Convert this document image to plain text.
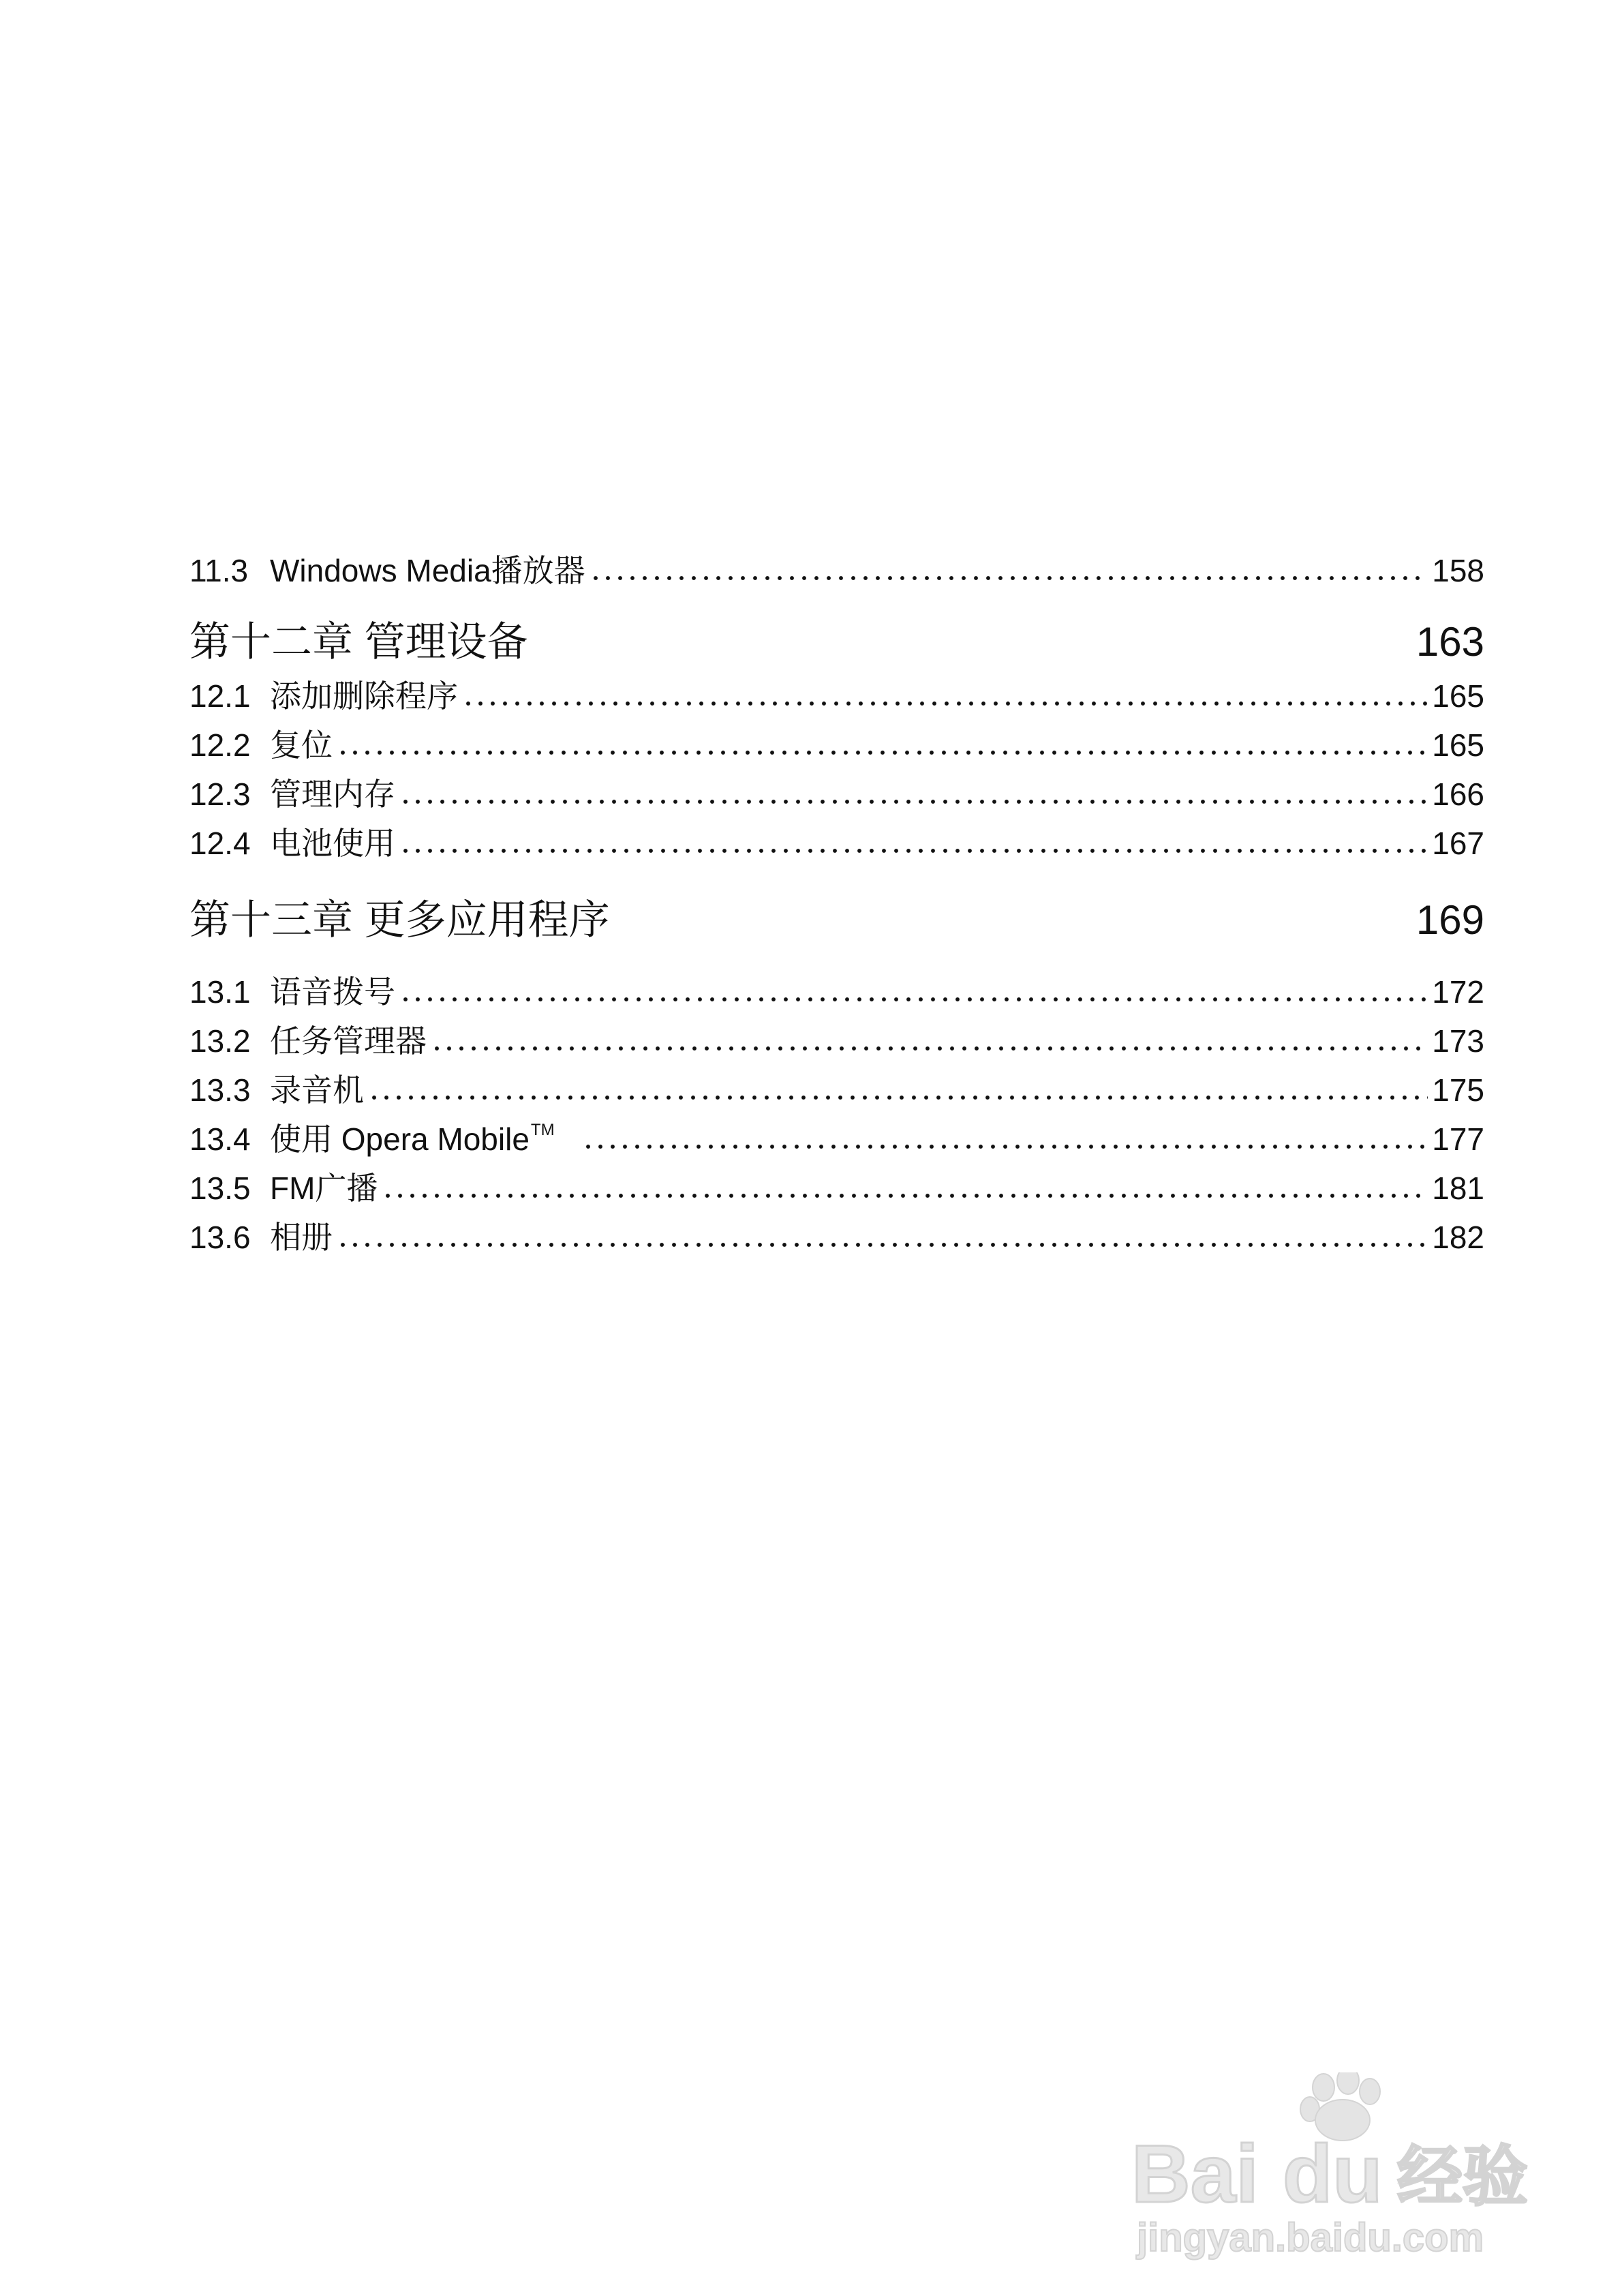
11.3 Windows Media播放器	158
第十二章 管理设备	163
12.1 添加删除程序	165
12.2 复位	165
12.3 管理内存	166
12.4 电池使用	167
第十三章 更多应用程序	169
13.1 语音拨号	172
13.2 任务管理器	173
13.3 录音机	175
13.4 使用 Opera Mobile™	177
13.5 FM广播	181
13.6 相册	182
Bai du 经验
jingyan.baidu.com
